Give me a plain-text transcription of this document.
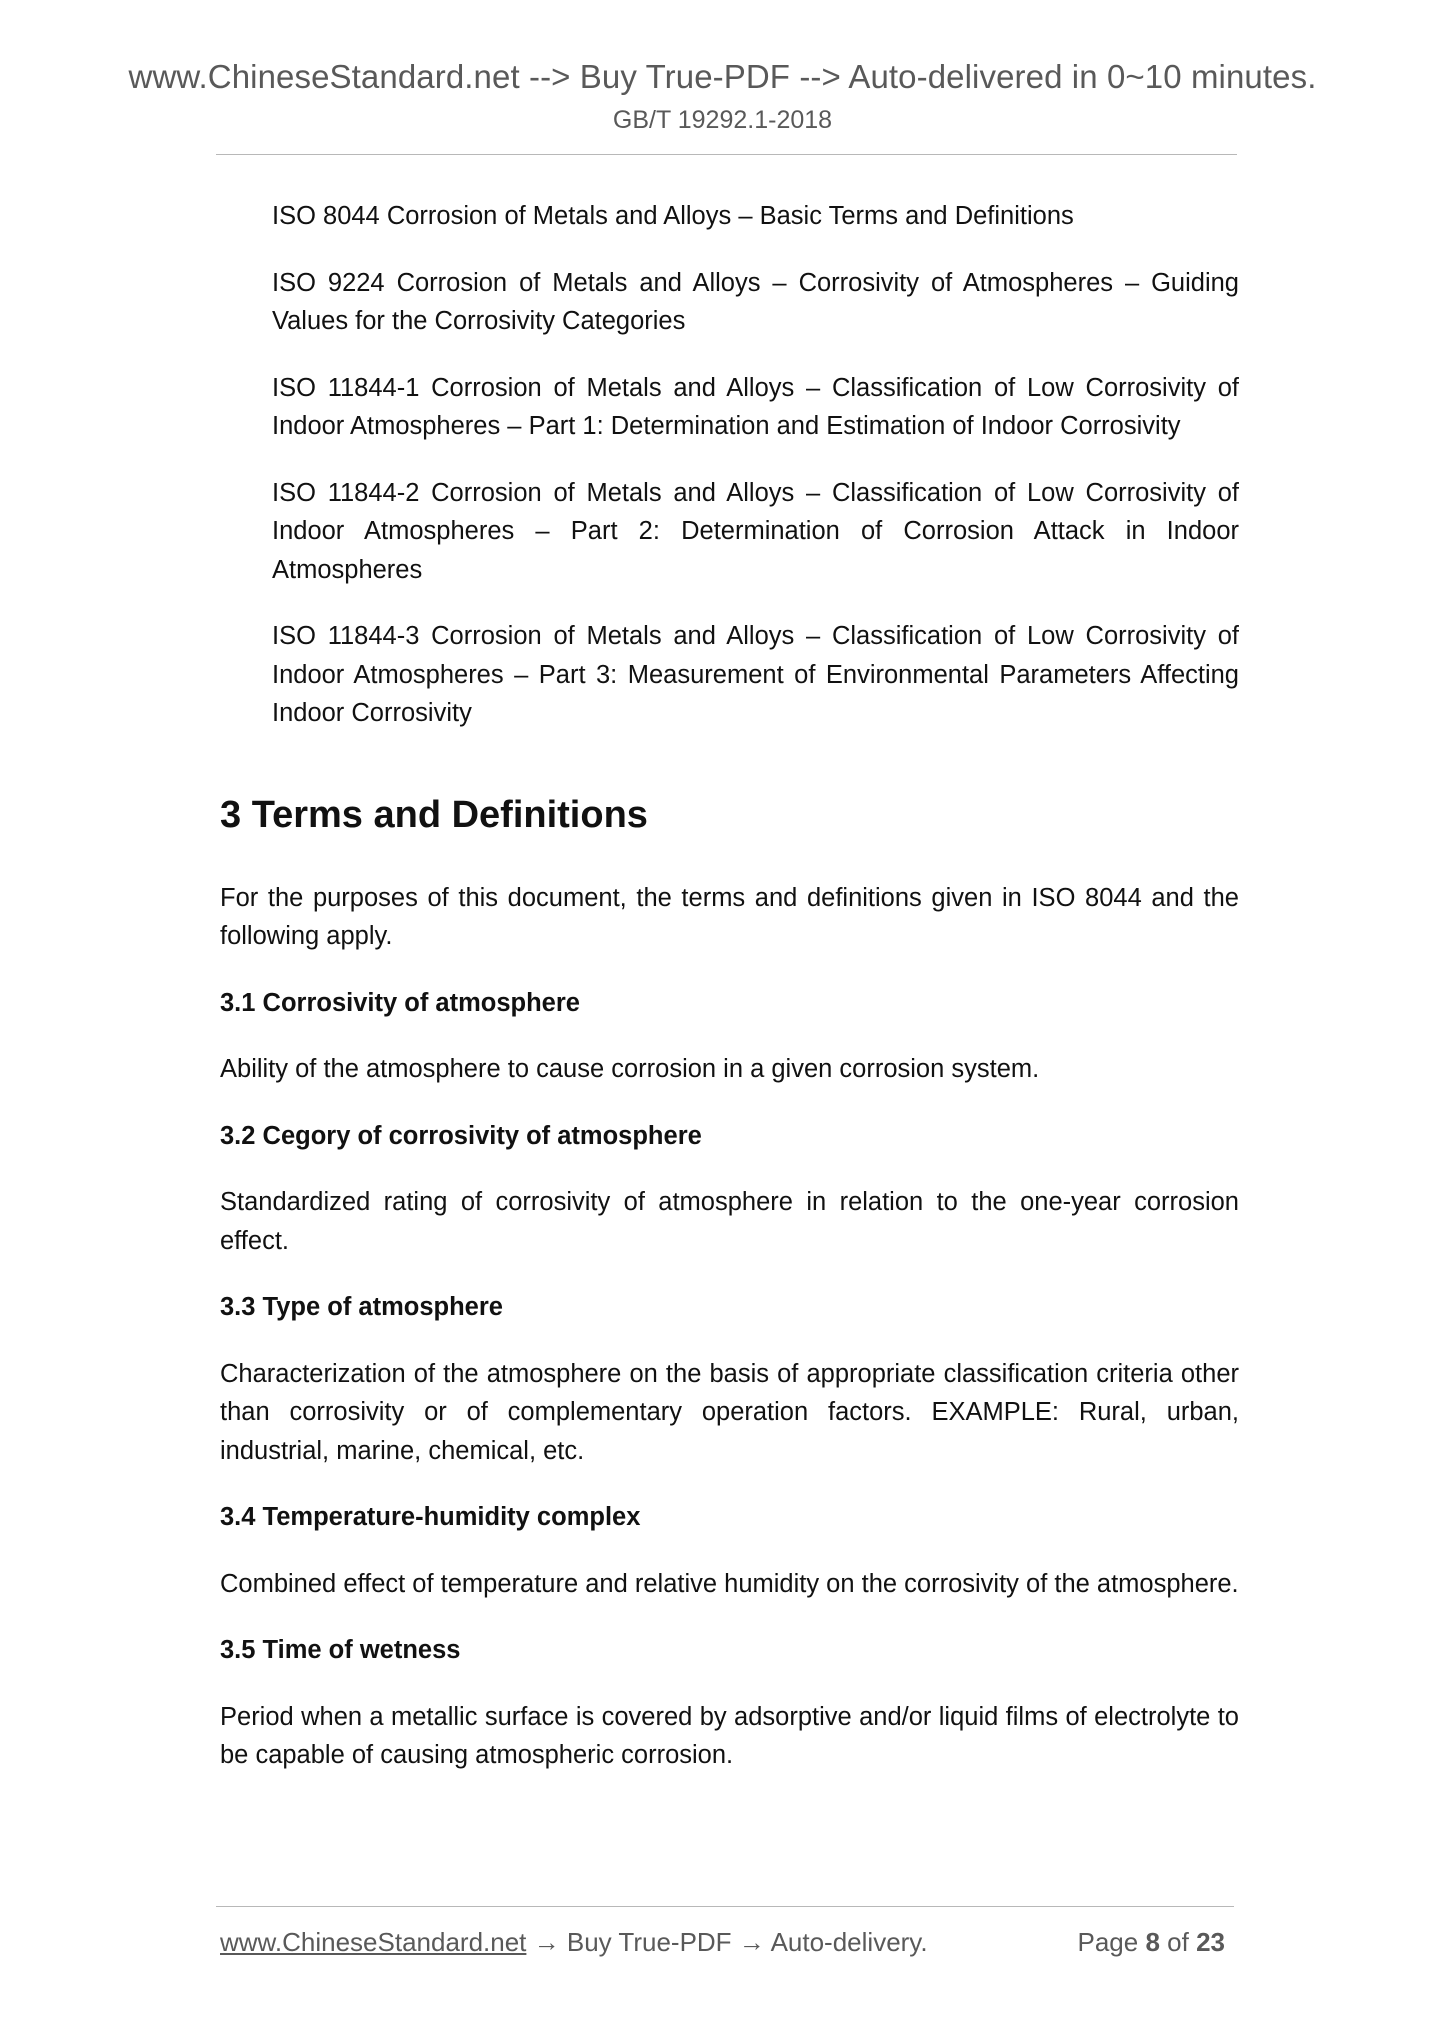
www.ChineseStandard.net --> Buy True-PDF --> Auto-delivered in 0~10 minutes.
GB/T 19292.1-2018

ISO 8044 Corrosion of Metals and Alloys – Basic Terms and Definitions

ISO 9224 Corrosion of Metals and Alloys – Corrosivity of Atmospheres – Guiding Values for the Corrosivity Categories

ISO 11844-1 Corrosion of Metals and Alloys – Classification of Low Corrosivity of Indoor Atmospheres – Part 1: Determination and Estimation of Indoor Corrosivity

ISO 11844-2 Corrosion of Metals and Alloys – Classification of Low Corrosivity of Indoor Atmospheres – Part 2: Determination of Corrosion Attack in Indoor Atmospheres

ISO 11844-3 Corrosion of Metals and Alloys – Classification of Low Corrosivity of Indoor Atmospheres – Part 3: Measurement of Environmental Parameters Affecting Indoor Corrosivity

3 Terms and Definitions

For the purposes of this document, the terms and definitions given in ISO 8044 and the following apply.

3.1 Corrosivity of atmosphere

Ability of the atmosphere to cause corrosion in a given corrosion system.

3.2 Cegory of corrosivity of atmosphere

Standardized rating of corrosivity of atmosphere in relation to the one-year corrosion effect.

3.3 Type of atmosphere

Characterization of the atmosphere on the basis of appropriate classification criteria other than corrosivity or of complementary operation factors. EXAMPLE: Rural, urban, industrial, marine, chemical, etc.

3.4 Temperature-humidity complex

Combined effect of temperature and relative humidity on the corrosivity of the atmosphere.

3.5 Time of wetness

Period when a metallic surface is covered by adsorptive and/or liquid films of electrolyte to be capable of causing atmospheric corrosion.

www.ChineseStandard.net → Buy True-PDF → Auto-delivery.	Page 8 of 23
